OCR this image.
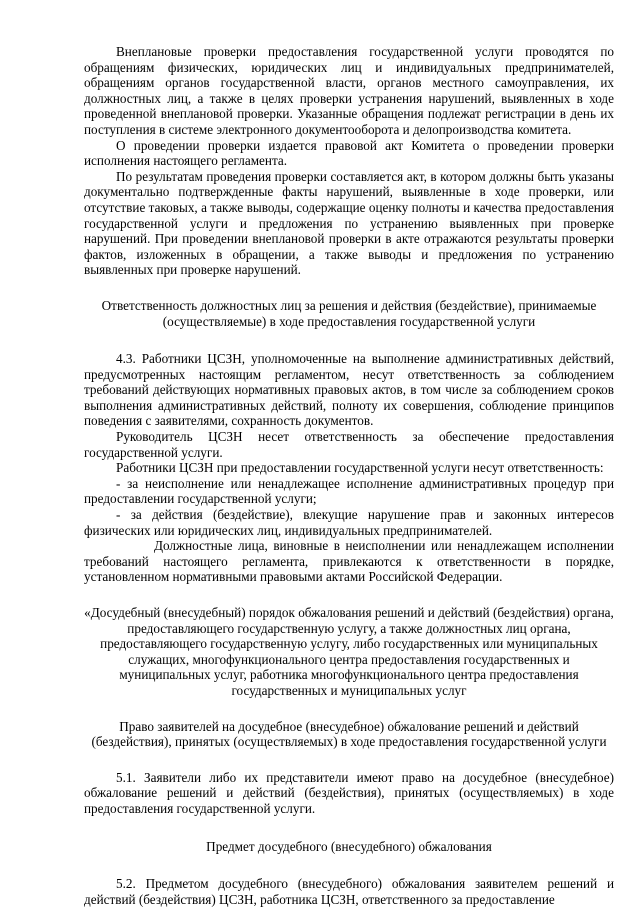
Внеплановые проверки предоставления государственной услуги проводятся по обращениям физических, юридических лиц и индивидуальных предпринимателей, обращениям органов государственной власти, органов местного самоуправления, их должностных лиц, а также в целях проверки устранения нарушений, выявленных в ходе проведенной внеплановой проверки. Указанные обращения подлежат регистрации в день их поступления в системе электронного документооборота и делопроизводства комитета.

О проведении проверки издается правовой акт Комитета о проведении проверки исполнения настоящего регламента.

По результатам проведения проверки составляется акт, в котором должны быть указаны документально подтвержденные факты нарушений, выявленные в ходе проверки, или отсутствие таковых, а также выводы, содержащие оценку полноты и качества предоставления государственной услуги и предложения по устранению выявленных при проверке нарушений. При проведении внеплановой проверки в акте отражаются результаты проверки фактов, изложенных в обращении, а также выводы и предложения по устранению выявленных при проверке нарушений.

Ответственность должностных лиц за решения и действия (бездействие), принимаемые (осуществляемые) в ходе предоставления государственной услуги

4.3. Работники ЦСЗН, уполномоченные на выполнение административных действий, предусмотренных настоящим регламентом, несут ответственность за соблюдением требований действующих нормативных правовых актов, в том числе за соблюдением сроков выполнения административных действий, полноту их совершения, соблюдение принципов поведения с заявителями, сохранность документов.

Руководитель ЦСЗН несет ответственность за обеспечение предоставления государственной услуги.

Работники ЦСЗН при предоставлении государственной услуги несут ответственность:

- за неисполнение или ненадлежащее исполнение административных процедур при предоставлении государственной услуги;

- за действия (бездействие), влекущие нарушение прав и законных интересов физических или юридических лиц, индивидуальных предпринимателей.

Должностные лица, виновные в неисполнении или ненадлежащем исполнении требований настоящего регламента, привлекаются к ответственности в порядке, установленном нормативными правовыми актами Российской Федерации.

«Досудебный (внесудебный) порядок обжалования решений и действий (бездействия) органа, предоставляющего государственную услугу, а также должностных лиц органа, предоставляющего государственную услугу, либо государственных или муниципальных служащих, многофункционального центра предоставления государственных и муниципальных услуг, работника многофункционального центра предоставления государственных и муниципальных услуг

Право заявителей на досудебное (внесудебное) обжалование решений и действий (бездействия), принятых (осуществляемых) в ходе предоставления государственной услуги

5.1. Заявители либо их представители имеют право на досудебное (внесудебное) обжалование решений и действий (бездействия), принятых (осуществляемых) в ходе предоставления государственной услуги.

Предмет досудебного (внесудебного) обжалования

5.2. Предметом досудебного (внесудебного) обжалования заявителем решений и действий (бездействия) ЦСЗН, работника ЦСЗН, ответственного за предоставление
